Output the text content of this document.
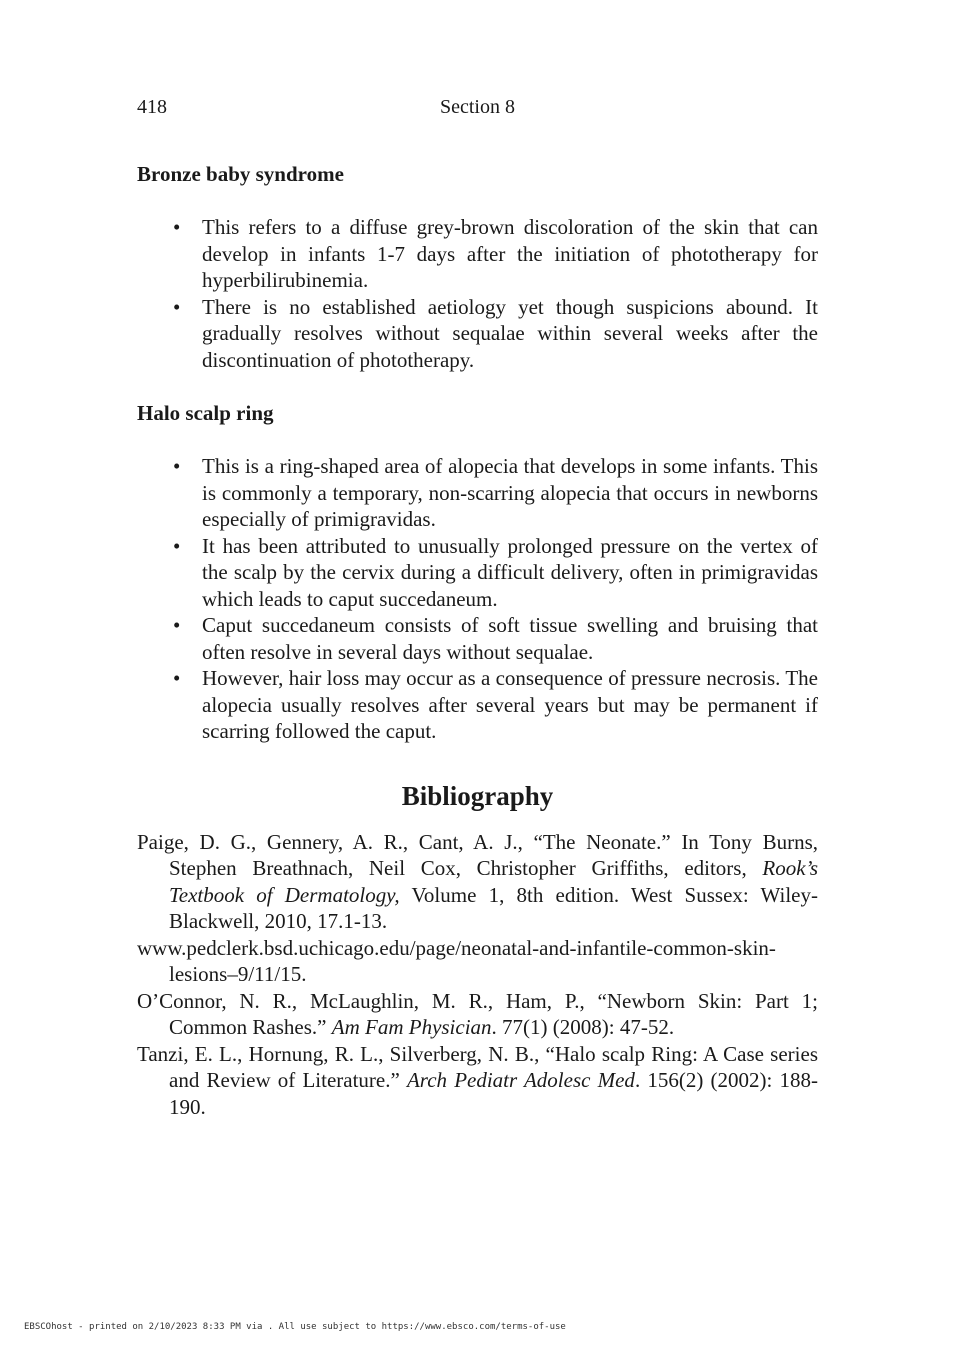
418	Section 8
Bronze baby syndrome
• This refers to a diffuse grey-brown discoloration of the skin that can develop in infants 1-7 days after the initiation of phototherapy for hyperbilirubinemia.
• There is no established aetiology yet though suspicions abound. It gradually resolves without sequalae within several weeks after the discontinuation of phototherapy.
Halo scalp ring
• This is a ring-shaped area of alopecia that develops in some infants. This is commonly a temporary, non-scarring alopecia that occurs in newborns especially of primigravidas.
• It has been attributed to unusually prolonged pressure on the vertex of the scalp by the cervix during a difficult delivery, often in primigravidas which leads to caput succedaneum.
• Caput succedaneum consists of soft tissue swelling and bruising that often resolve in several days without sequalae.
• However, hair loss may occur as a consequence of pressure necrosis. The alopecia usually resolves after several years but may be permanent if scarring followed the caput.
Bibliography
Paige, D. G., Gennery, A. R., Cant, A. J., “The Neonate.” In Tony Burns, Stephen Breathnach, Neil Cox, Christopher Griffiths, editors, Rook’s Textbook of Dermatology, Volume 1, 8th edition. West Sussex: Wiley-Blackwell, 2010, 17.1-13.
www.pedclerk.bsd.uchicago.edu/page/neonatal-and-infantile-common-skin-lesions–9/11/15.
O’Connor, N. R., McLaughlin, M. R., Ham, P., “Newborn Skin: Part 1; Common Rashes.” Am Fam Physician. 77(1) (2008): 47-52.
Tanzi, E. L., Hornung, R. L., Silverberg, N. B., “Halo scalp Ring: A Case series and Review of Literature.” Arch Pediatr Adolesc Med. 156(2) (2002): 188-190.
EBSCOhost - printed on 2/10/2023 8:33 PM via . All use subject to https://www.ebsco.com/terms-of-use
